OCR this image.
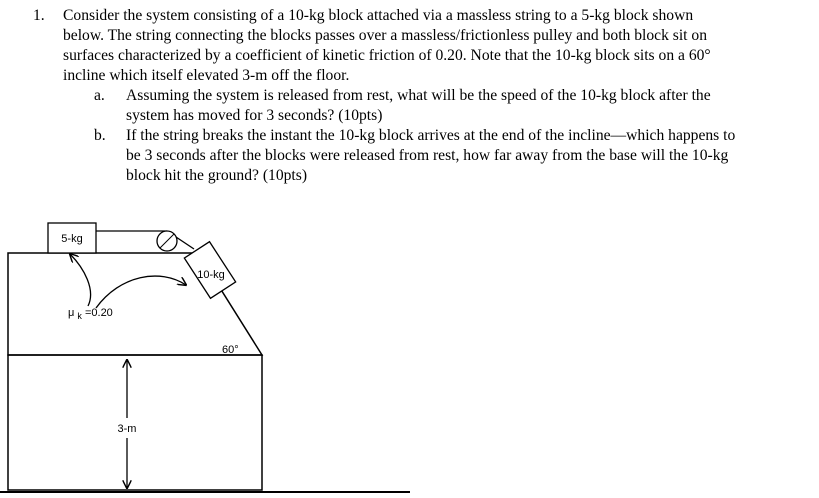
1. Consider the system consisting of a 10-kg block attached via a massless string to a 5-kg block shown
below. The string connecting the blocks passes over a massless/frictionless pulley and both block sit on
surfaces characterized by a coefficient of kinetic friction of 0.20. Note that the 10-kg block sits on a 60°
incline which itself elevated 3-m off the floor.
a. Assuming the system is released from rest, what will be the speed of the 10-kg block after the
system has moved for 3 seconds? (10pts)
b. If the string breaks the instant the 10-kg block arrives at the end of the incline—which happens to
be 3 seconds after the blocks were released from rest, how far away from the base will the 10-kg
block hit the ground? (10pts)
5-kg
10-kg
μ $_k$ =0.20
60°
3-m
